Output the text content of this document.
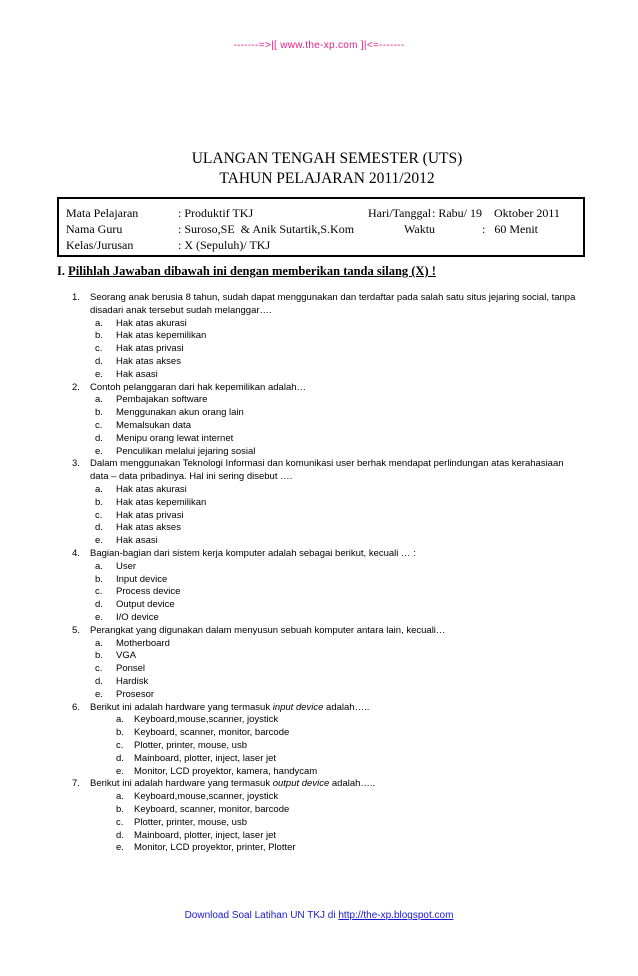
-------=>|[ www.the-xp.com ]|<=-------
ULANGAN TENGAH SEMESTER (UTS)
TAHUN PELAJARAN 2011/2012
Mata Pelajaran	: Produktif TKJ	Hari/Tanggal : Rabu/ 19    Oktober 2011
Nama Guru	: Suroso,SE  & Anik Sutartik,S.Kom	Waktu	:   60 Menit
Kelas/Jurusan	: X (Sepuluh)/ TKJ
I. Pilihlah Jawaban dibawah ini dengan memberikan tanda silang (X) !
1. Seorang anak berusia 8 tahun, sudah dapat menggunakan dan terdaftar pada salah satu situs jejaring social, tanpa
disadari anak tersebut sudah melanggar….
a. Hak atas akurasi
b. Hak atas kepemilikan
c. Hak atas privasi
d. Hak atas akses
e. Hak asasi
2. Contoh pelanggaran dari hak kepemilikan adalah…
a. Pembajakan software
b. Menggunakan akun orang lain
c. Memalsukan data
d. Menipu orang lewat internet
e. Penculikan melalui jejaring sosial
3. Dalam menggunakan Teknologi Informasi dan komunikasi user berhak mendapat perlindungan atas kerahasiaan
data – data pribadinya. Hal ini sering disebut ….
a. Hak atas akurasi
b. Hak atas kepemilikan
c. Hak atas privasi
d. Hak atas akses
e. Hak asasi
4. Bagian-bagian dari sistem kerja komputer adalah sebagai berikut, kecuali … :
a. User
b. Input device
c. Process device
d. Output device
e. I/O device
5. Perangkat yang digunakan dalam menyusun sebuah komputer antara lain, kecuali…
a. Motherboard
b. VGA
c. Ponsel
d. Hardisk
e. Prosesor
6. Berikut ini adalah hardware yang termasuk input device adalah…..
a. Keyboard,mouse,scanner, joystick
b. Keyboard, scanner, monitor, barcode
c. Plotter, printer, mouse, usb
d. Mainboard, plotter, inject, laser jet
e. Monitor, LCD proyektor, kamera, handycam
7. Berikut ini adalah hardware yang termasuk output device adalah…..
a. Keyboard,mouse,scanner, joystick
b. Keyboard, scanner, monitor, barcode
c. Plotter, printer, mouse, usb
d. Mainboard, plotter, inject, laser jet
e. Monitor, LCD proyektor, printer, Plotter
Download Soal Latihan UN TKJ di http://the-xp.blogspot.com
